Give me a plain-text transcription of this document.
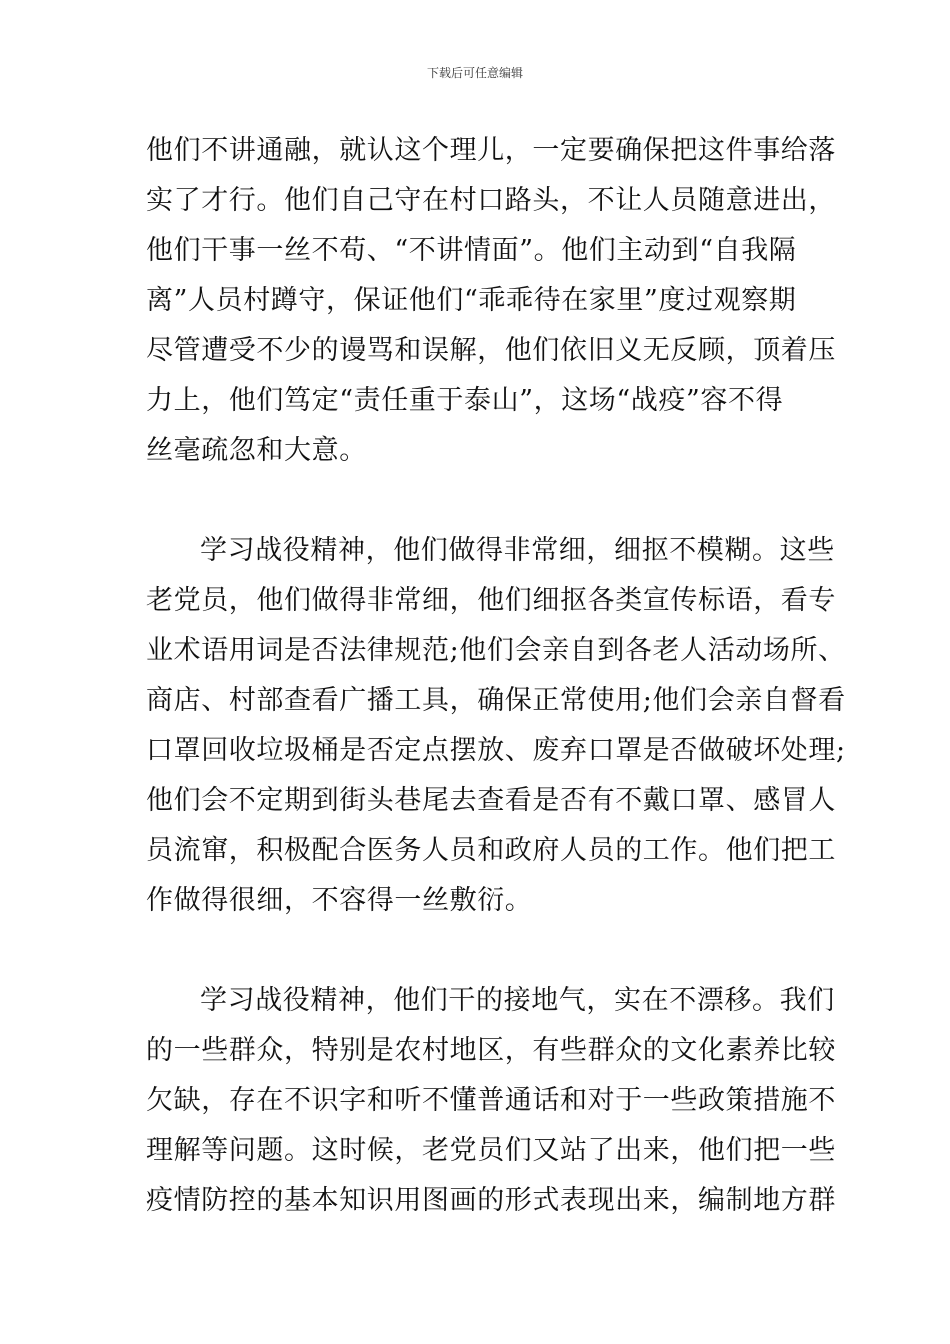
下载后可任意编辑

他们不讲通融，就认这个理儿，一定要确保把这件事给落
实了才行。他们自己守在村口路头，不让人员随意进出，
他们干事一丝不苟、“不讲情面”。他们主动到“自我隔
离”人员村蹲守，保证他们“乖乖待在家里”度过观察期
尽管遭受不少的谩骂和误解，他们依旧义无反顾，顶着压
力上，他们笃定“责任重于泰山”，这场“战疫”容不得
丝毫疏忽和大意。

学习战役精神，他们做得非常细，细抠不模糊。这些
老党员，他们做得非常细，他们细抠各类宣传标语，看专
业术语用词是否法律规范;他们会亲自到各老人活动场所、
商店、村部查看广播工具，确保正常使用;他们会亲自督看
口罩回收垃圾桶是否定点摆放、废弃口罩是否做破坏处理;
他们会不定期到街头巷尾去查看是否有不戴口罩、感冒人
员流窜，积极配合医务人员和政府人员的工作。他们把工
作做得很细，不容得一丝敷衍。

学习战役精神，他们干的接地气，实在不漂移。我们
的一些群众，特别是农村地区，有些群众的文化素养比较
欠缺，存在不识字和听不懂普通话和对于一些政策措施不
理解等问题。这时候，老党员们又站了出来，他们把一些
疫情防控的基本知识用图画的形式表现出来，编制地方群
